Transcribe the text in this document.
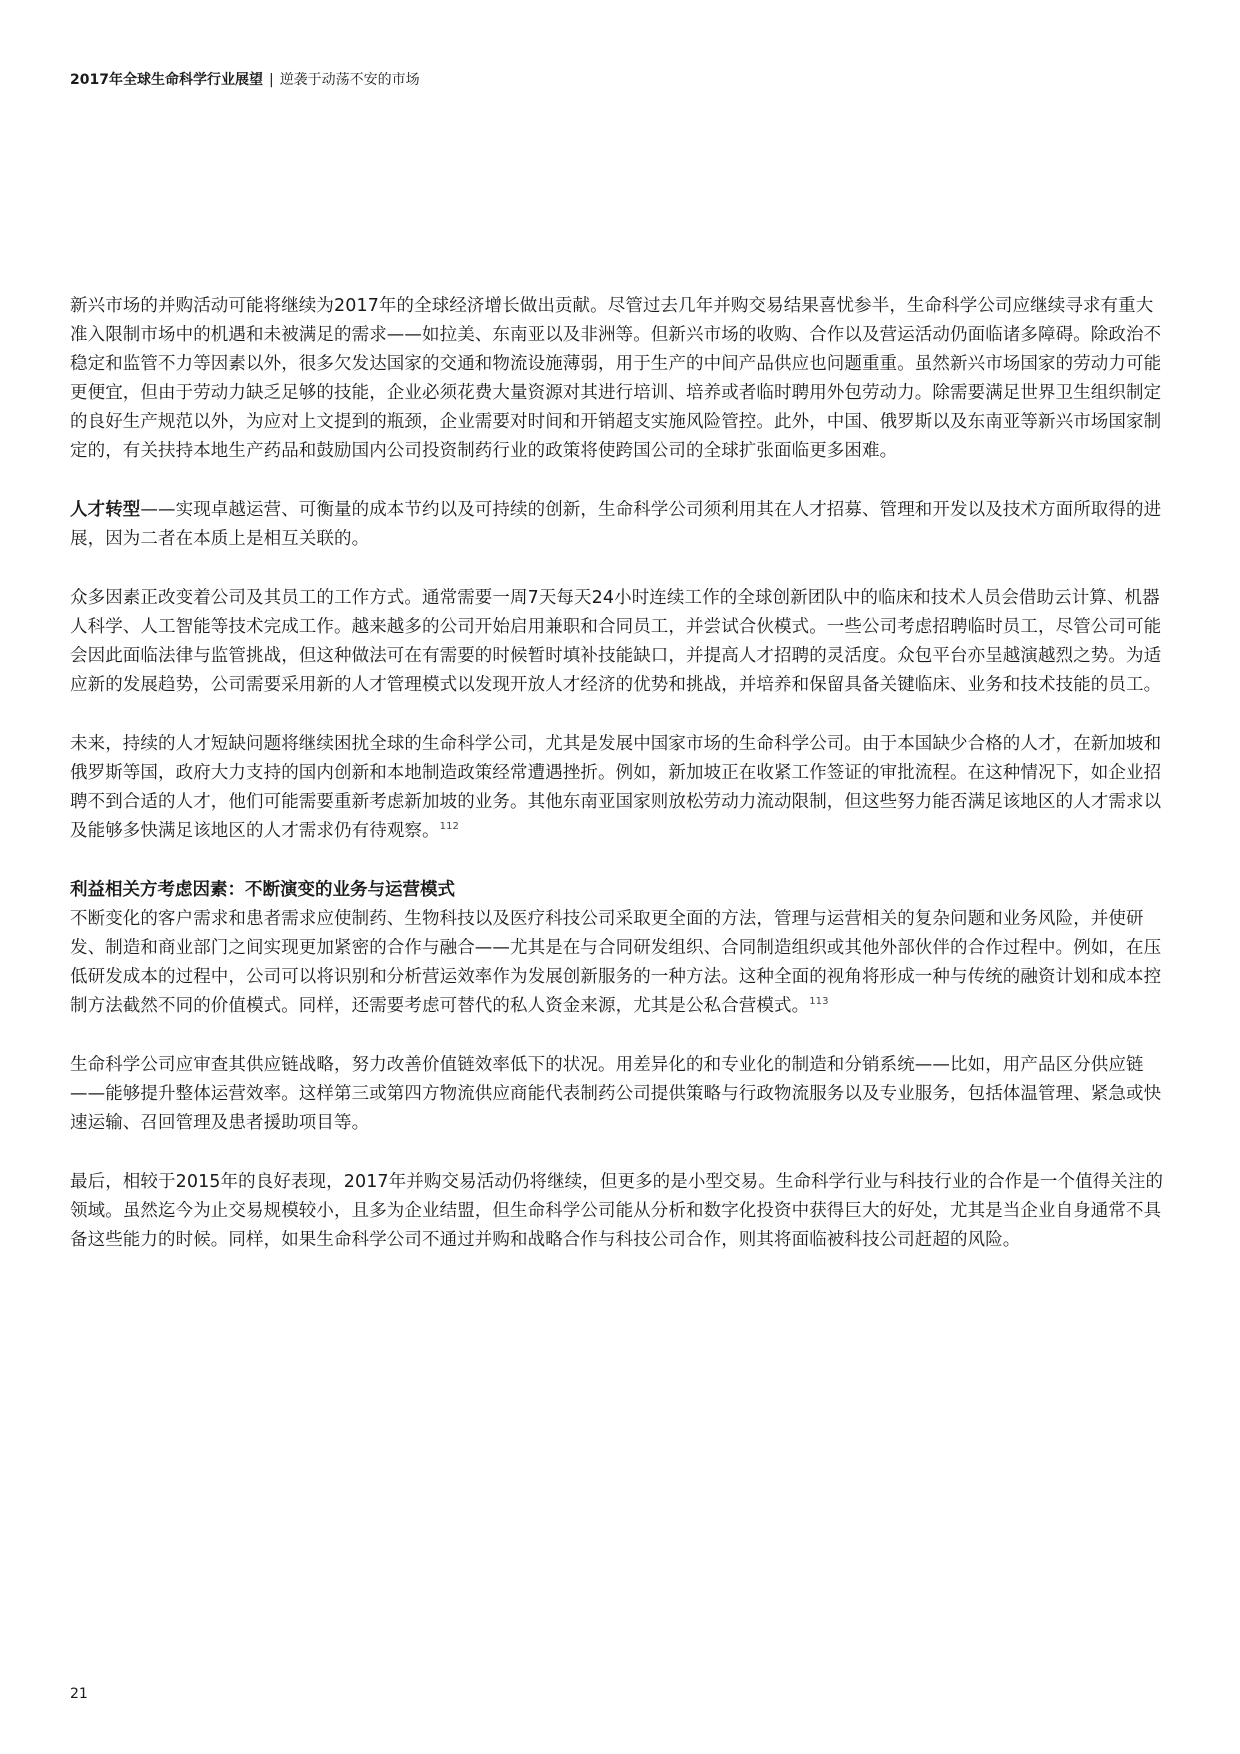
2017年全球生命科学行业展望 | 逆袭于动荡不安的市场

新兴市场的并购活动可能将继续为2017年的全球经济增长做出贡献。尽管过去几年并购交易结果喜忧参半，生命科学公司应继续寻求有重大准入限制市场中的机遇和未被满足的需求——如拉美、东南亚以及非洲等。但新兴市场的收购、合作以及营运活动仍面临诸多障碍。除政治不稳定和监管不力等因素以外，很多欠发达国家的交通和物流设施薄弱，用于生产的中间产品供应也问题重重。虽然新兴市场国家的劳动力可能更便宜，但由于劳动力缺乏足够的技能，企业必须花费大量资源对其进行培训、培养或者临时聘用外包劳动力。除需要满足世界卫生组织制定的良好生产规范以外，为应对上文提到的瓶颈，企业需要对时间和开销超支实施风险管控。此外，中国、俄罗斯以及东南亚等新兴市场国家制定的，有关扶持本地生产药品和鼓励国内公司投资制药行业的政策将使跨国公司的全球扩张面临更多困难。

人才转型——实现卓越运营、可衡量的成本节约以及可持续的创新，生命科学公司须利用其在人才招募、管理和开发以及技术方面所取得的进展，因为二者在本质上是相互关联的。

众多因素正改变着公司及其员工的工作方式。通常需要一周7天每天24小时连续工作的全球创新团队中的临床和技术人员会借助云计算、机器人科学、人工智能等技术完成工作。越来越多的公司开始启用兼职和合同员工，并尝试合伙模式。一些公司考虑招聘临时员工，尽管公司可能会因此面临法律与监管挑战，但这种做法可在有需要的时候暂时填补技能缺口，并提高人才招聘的灵活度。众包平台亦呈越演越烈之势。为适应新的发展趋势，公司需要采用新的人才管理模式以发现开放人才经济的优势和挑战，并培养和保留具备关键临床、业务和技术技能的员工。

未来，持续的人才短缺问题将继续困扰全球的生命科学公司，尤其是发展中国家市场的生命科学公司。由于本国缺少合格的人才，在新加坡和俄罗斯等国，政府大力支持的国内创新和本地制造政策经常遭遇挫折。例如，新加坡正在收紧工作签证的审批流程。在这种情况下，如企业招聘不到合适的人才，他们可能需要重新考虑新加坡的业务。其他东南亚国家则放松劳动力流动限制，但这些努力能否满足该地区的人才需求以及能够多快满足该地区的人才需求仍有待观察。$^{112}$

利益相关方考虑因素：不断演变的业务与运营模式

不断变化的客户需求和患者需求应使制药、生物科技以及医疗科技公司采取更全面的方法，管理与运营相关的复杂问题和业务风险，并使研发、制造和商业部门之间实现更加紧密的合作与融合——尤其是在与合同研发组织、合同制造组织或其他外部伙伴的合作过程中。例如，在压低研发成本的过程中，公司可以将识别和分析营运效率作为发展创新服务的一种方法。这种全面的视角将形成一种与传统的融资计划和成本控制方法截然不同的价值模式。同样，还需要考虑可替代的私人资金来源，尤其是公私合营模式。$^{113}$

生命科学公司应审查其供应链战略，努力改善价值链效率低下的状况。用差异化的和专业化的制造和分销系统——比如，用产品区分供应链——能够提升整体运营效率。这样第三或第四方物流供应商能代表制药公司提供策略与行政物流服务以及专业服务，包括体温管理、紧急或快速运输、召回管理及患者援助项目等。

最后，相较于2015年的良好表现，2017年并购交易活动仍将继续，但更多的是小型交易。生命科学行业与科技行业的合作是一个值得关注的领域。虽然迄今为止交易规模较小，且多为企业结盟，但生命科学公司能从分析和数字化投资中获得巨大的好处，尤其是当企业自身通常不具备这些能力的时候。同样，如果生命科学公司不通过并购和战略合作与科技公司合作，则其将面临被科技公司赶超的风险。

21
